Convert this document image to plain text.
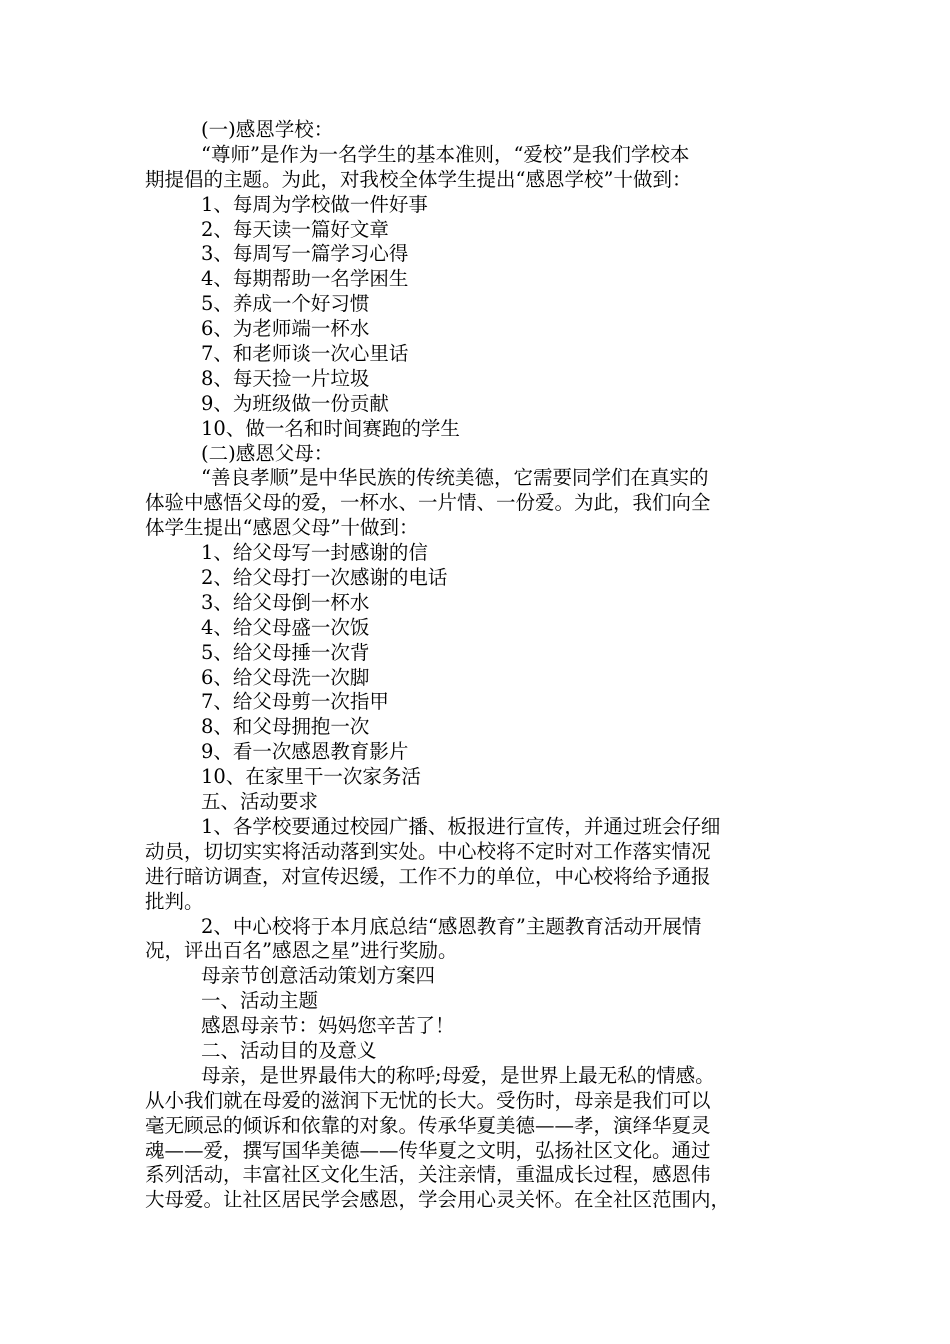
(一)感恩学校：

“尊师”是作为一名学生的基本准则，“爱校”是我们学校本

期提倡的主题。为此，对我校全体学生提出“感恩学校”十做到：

1、每周为学校做一件好事

2、每天读一篇好文章

3、每周写一篇学习心得

4、每期帮助一名学困生

5、养成一个好习惯

6、为老师端一杯水

7、和老师谈一次心里话

8、每天捡一片垃圾

9、为班级做一份贡献

10、做一名和时间赛跑的学生

(二)感恩父母：

“善良孝顺”是中华民族的传统美德，它需要同学们在真实的

体验中感悟父母的爱，一杯水、一片情、一份爱。为此，我们向全

体学生提出“感恩父母”十做到：

1、给父母写一封感谢的信

2、给父母打一次感谢的电话

3、给父母倒一杯水

4、给父母盛一次饭

5、给父母捶一次背

6、给父母洗一次脚

7、给父母剪一次指甲

8、和父母拥抱一次

9、看一次感恩教育影片

10、在家里干一次家务活

五、活动要求

1、各学校要通过校园广播、板报进行宣传，并通过班会仔细

动员，切切实实将活动落到实处。中心校将不定时对工作落实情况

进行暗访调查，对宣传迟缓，工作不力的单位，中心校将给予通报

批判。

2、中心校将于本月底总结“感恩教育”主题教育活动开展情

况，评出百名”感恩之星”进行奖励。

母亲节创意活动策划方案四

一、活动主题

感恩母亲节：妈妈您辛苦了！

二、活动目的及意义

母亲，是世界最伟大的称呼;母爱，是世界上最无私的情感。

从小我们就在母爱的滋润下无忧的长大。受伤时，母亲是我们可以

毫无顾忌的倾诉和依靠的对象。传承华夏美德——孝，演绎华夏灵

魂——爱，撰写国华美德——传华夏之文明，弘扬社区文化。通过

系列活动，丰富社区文化生活，关注亲情，重温成长过程，感恩伟

大母爱。让社区居民学会感恩，学会用心灵关怀。在全社区范围内，
